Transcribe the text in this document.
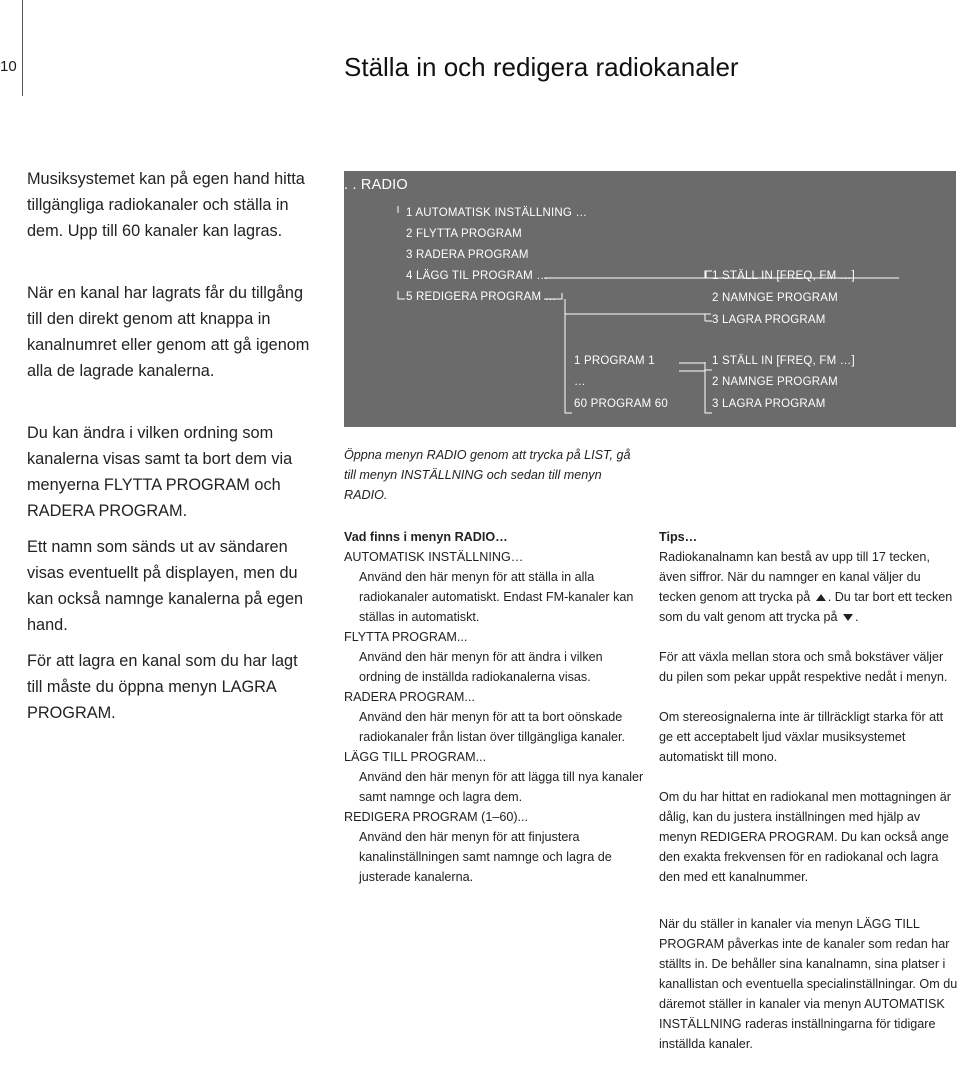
10	Ställa in och redigera radiokanaler

Musiksystemet kan på egen hand hitta tillgängliga radiokanaler och ställa in dem. Upp till 60 kanaler kan lagras.

När en kanal har lagrats får du tillgång till den direkt genom att knappa in kanalnumret eller genom att gå igenom alla de lagrade kanalerna.

Du kan ändra i vilken ordning som kanalerna visas samt ta bort dem via menyerna FLYTTA PROGRAM och RADERA PROGRAM.

Ett namn som sänds ut av sändaren visas eventuellt på displayen, men du kan också namnge kanalerna på egen hand.

För att lagra en kanal som du har lagt till måste du öppna menyn LAGRA PROGRAM.

. . RADIO
1 AUTOMATISK INSTÄLLNING …
2 FLYTTA PROGRAM
3 RADERA PROGRAM
4 LÄGG TIL PROGRAM …
5 REDIGERA PROGRAM …
1 STÄLL IN [FREQ, FM …]
2 NAMNGE PROGRAM
3 LAGRA PROGRAM
1 PROGRAM 1
…
60 PROGRAM 60
1 STÄLL IN [FREQ, FM …]
2 NAMNGE PROGRAM
3 LAGRA PROGRAM
Öppna menyn RADIO genom att trycka på LIST, gå till menyn INSTÄLLNING och sedan till menyn RADIO.
Vad finns i menyn RADIO…
AUTOMATISK INSTÄLLNING…
Använd den här menyn för att ställa in alla radiokanaler automatiskt. Endast FM-kanaler kan ställas in automatiskt.
FLYTTA PROGRAM...
Använd den här menyn för att ändra i vilken ordning de inställda radiokanalerna visas.
RADERA PROGRAM...
Använd den här menyn för att ta bort oönskade radiokanaler från listan över tillgängliga kanaler.
LÄGG TILL PROGRAM...
Använd den här menyn för att lägga till nya kanaler samt namnge och lagra dem.
REDIGERA PROGRAM (1–60)...
Använd den här menyn för att finjustera kanalinställningen samt namnge och lagra de justerade kanalerna.
Tips…
Radiokanalnamn kan bestå av upp till 17 tecken, även siffror. När du namnger en kanal väljer du tecken genom att trycka på . Du tar bort ett tecken som du valt genom att trycka på .
För att växla mellan stora och små bokstäver väljer du pilen som pekar uppåt respektive nedåt i menyn.
Om stereosignalerna inte är tillräckligt starka för att ge ett acceptabelt ljud växlar musiksystemet automatiskt till mono.
Om du har hittat en radiokanal men mottagningen är dålig, kan du justera inställningen med hjälp av menyn REDIGERA PROGRAM. Du kan också ange den exakta frekvensen för en radiokanal och lagra den med ett kanalnummer.
När du ställer in kanaler via menyn LÄGG TILL PROGRAM påverkas inte de kanaler som redan har ställts in. De behåller sina kanalnamn, sina platser i kanallistan och eventuella specialinställningar. Om du däremot ställer in kanaler via menyn AUTOMATISK INSTÄLLNING raderas inställningarna för tidigare inställda kanaler.
